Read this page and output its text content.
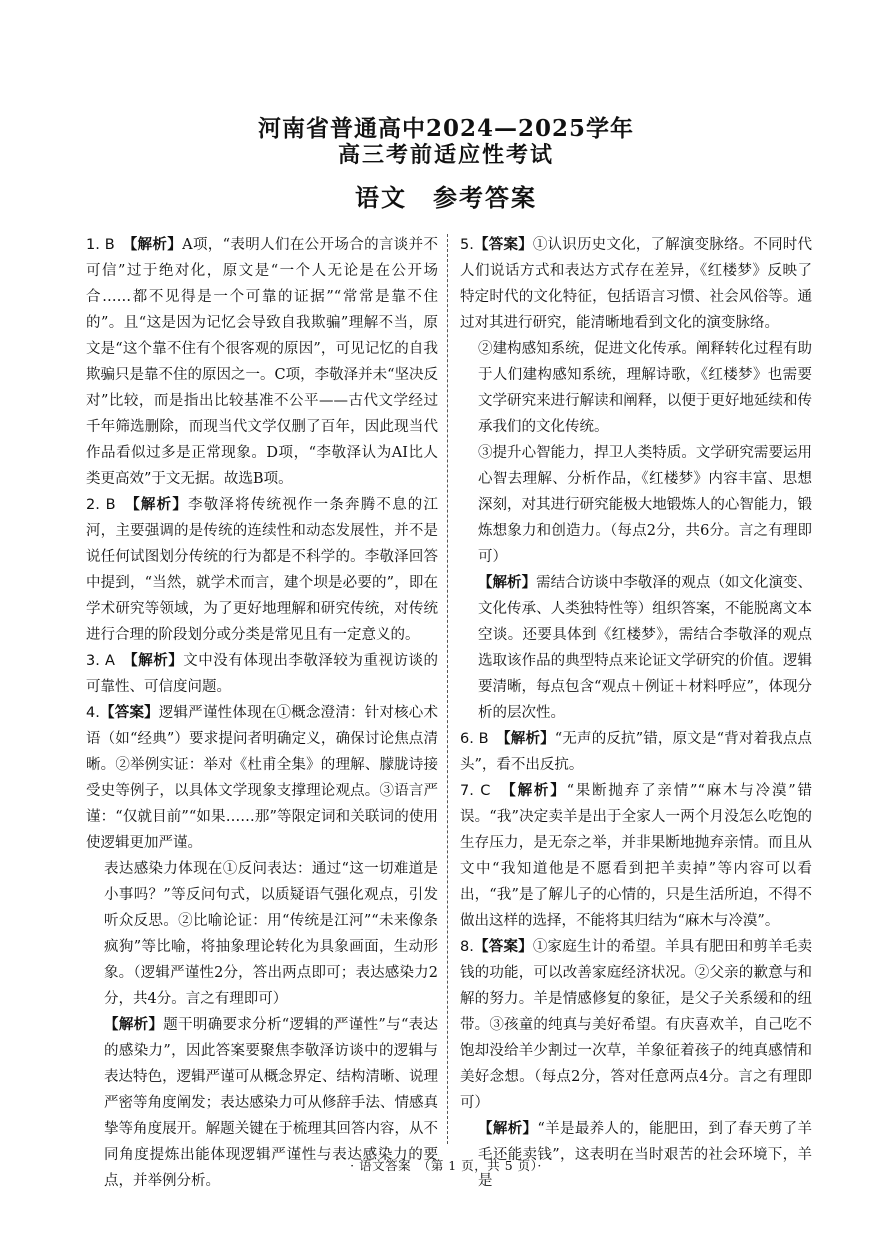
河南省普通高中2024—2025学年
高三考前适应性考试
语文 参考答案

1. B　【解析】A项，“表明人们在公开场合的言谈并不可信”过于绝对化，原文是“一个人无论是在公开场合……都不见得是一个可靠的证据”“常常是靠不住的”。且“这是因为记忆会导致自我欺骗”理解不当，原文是“这个靠不住有个很客观的原因”，可见记忆的自我欺骗只是靠不住的原因之一。C项，李敬泽并未“坚决反对”比较，而是指出比较基准不公平——古代文学经过千年筛选删除，而现当代文学仅删了百年，因此现当代作品看似过多是正常现象。D项，“李敬泽认为AI比人类更高效”于文无据。故选B项。

2. B　【解析】李敬泽将传统视作一条奔腾不息的江河，主要强调的是传统的连续性和动态发展性，并不是说任何试图划分传统的行为都是不科学的。李敬泽回答中提到，“当然，就学术而言，建个坝是必要的”，即在学术研究等领域，为了更好地理解和研究传统，对传统进行合理的阶段划分或分类是常见且有一定意义的。

3. A　【解析】文中没有体现出李敬泽较为重视访谈的可靠性、可信度问题。

4.【答案】逻辑严谨性体现在①概念澄清：针对核心术语（如“经典”）要求提问者明确定义，确保讨论焦点清晰。②举例实证：举对《杜甫全集》的理解、朦胧诗接受史等例子，以具体文学现象支撑理论观点。③语言严谨：“仅就目前”“如果……那”等限定词和关联词的使用使逻辑更加严谨。

表达感染力体现在①反问表达：通过“这一切难道是小事吗？”等反问句式，以质疑语气强化观点，引发听众反思。②比喻论证：用“传统是江河”“未来像条疯狗”等比喻，将抽象理论转化为具象画面，生动形象。（逻辑严谨性2分，答出两点即可；表达感染力2分，共4分。言之有理即可）

【解析】题干明确要求分析“逻辑的严谨性”与“表达的感染力”，因此答案要聚焦李敬泽访谈中的逻辑与表达特色，逻辑严谨可从概念界定、结构清晰、说理严密等角度阐发；表达感染力可从修辞手法、情感真挚等角度展开。解题关键在于梳理其回答内容，从不同角度提炼出能体现逻辑严谨性与表达感染力的要点，并举例分析。

5.【答案】①认识历史文化，了解演变脉络。不同时代人们说话方式和表达方式存在差异，《红楼梦》反映了特定时代的文化特征，包括语言习惯、社会风俗等。通过对其进行研究，能清晰地看到文化的演变脉络。

②建构感知系统，促进文化传承。阐释转化过程有助于人们建构感知系统，理解诗歌，《红楼梦》也需要文学研究来进行解读和阐释，以便于更好地延续和传承我们的文化传统。

③提升心智能力，捍卫人类特质。文学研究需要运用心智去理解、分析作品，《红楼梦》内容丰富、思想深刻，对其进行研究能极大地锻炼人的心智能力，锻炼想象力和创造力。（每点2分，共6分。言之有理即可）

【解析】需结合访谈中李敬泽的观点（如文化演变、文化传承、人类独特性等）组织答案，不能脱离文本空谈。还要具体到《红楼梦》，需结合李敬泽的观点选取该作品的典型特点来论证文学研究的价值。逻辑要清晰，每点包含“观点＋例证＋材料呼应”，体现分析的层次性。

6. B　【解析】“无声的反抗”错，原文是“背对着我点点头”，看不出反抗。

7. C　【解析】“果断抛弃了亲情”“麻木与冷漠”错误。“我”决定卖羊是出于全家人一两个月没怎么吃饱的生存压力，是无奈之举，并非果断地抛弃亲情。而且从文中“我知道他是不愿看到把羊卖掉”等内容可以看出，“我”是了解儿子的心情的，只是生活所迫，不得不做出这样的选择，不能将其归结为“麻木与冷漠”。

8.【答案】①家庭生计的希望。羊具有肥田和剪羊毛卖钱的功能，可以改善家庭经济状况。②父亲的歉意与和解的努力。羊是情感修复的象征，是父子关系缓和的纽带。③孩童的纯真与美好希望。有庆喜欢羊，自己吃不饱却没给羊少割过一次草，羊象征着孩子的纯真感情和美好念想。（每点2分，答对任意两点4分。言之有理即可）

【解析】“羊是最养人的，能肥田，到了春天剪了羊毛还能卖钱”，这表明在当时艰苦的社会环境下，羊是

· 语文答案　（第 1 页，共 5 页）·
